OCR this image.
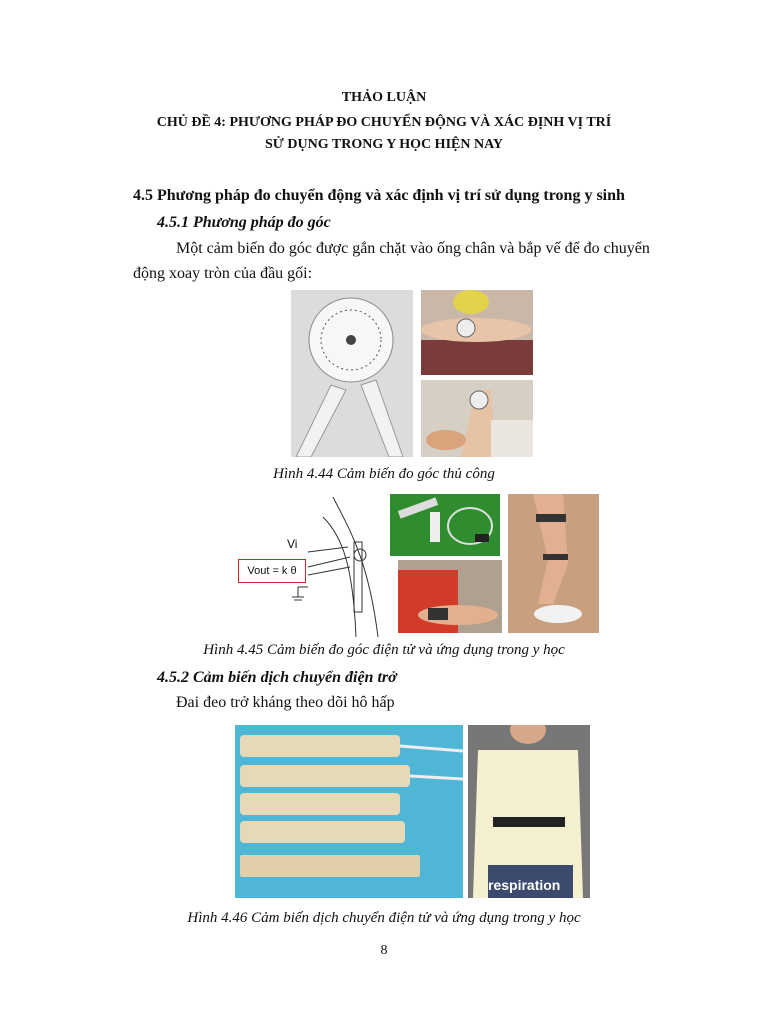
THẢO LUẬN
CHỦ ĐỀ 4: PHƯƠNG PHÁP ĐO CHUYỂN ĐỘNG VÀ XÁC ĐỊNH VỊ TRÍ
SỬ DỤNG TRONG Y HỌC HIỆN NAY
4.5 Phương pháp đo chuyển động và xác định vị trí sử dụng trong y sinh
4.5.1 Phương pháp đo góc
Một cảm biến đo góc được gắn chặt vào ống chân và bắp vế để đo chuyển
động xoay tròn của đầu gối:
Hình 4.44 Cảm biến đo góc thủ công
Vi
Vout = k θ
Hình 4.45 Cảm biến đo góc điện tử và ứng dụng trong y học
4.5.2 Cảm biến dịch chuyển điện trở
Đai đeo trở kháng theo dõi hô hấp
respiration
Hình 4.46 Cảm biến dịch chuyển điện tử và ứng dụng trong y học
8
